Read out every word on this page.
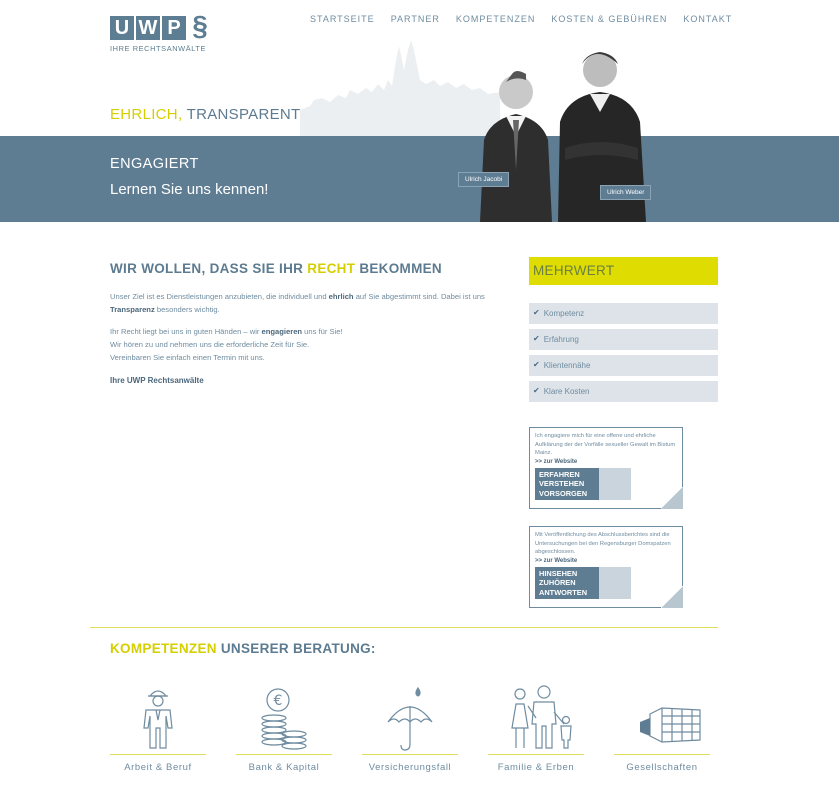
U W P §
IHRE RECHTSANWÄLTE
STARTSEITE PARTNER KOMPETENZEN KOSTEN & GEBÜHREN KONTAKT
EHRLICH, TRANSPARENT
ENGAGIERT
Lernen Sie uns kennen!
Ulrich Jacobi
Ulrich Weber
WIR WOLLEN, DASS SIE IHR RECHT BEKOMMEN

Unser Ziel ist es Dienstleistungen anzubieten, die individuell und ehrlich auf Sie abgestimmt sind. Dabei ist uns Transparenz besonders wichtig.

Ihr Recht liegt bei uns in guten Händen – wir engagieren uns für Sie!
Wir hören zu und nehmen uns die erforderliche Zeit für Sie.
Vereinbaren Sie einfach einen Termin mit uns.

Ihre UWP Rechtsanwälte
MEHRWERT
✔ Kompetenz
✔ Erfahrung
✔ Klientennähe
✔ Klare Kosten
Ich engagiere mich für eine offene und ehrliche Aufklärung der der Vorfälle sexueller Gewalt im Bistum Mainz.
>> zur Website
ERFAHREN
VERSTEHEN
VORSORGEN
Mit Veröffentlichung des Abschlussberichtes sind die Untersuchungen bei den Regensburger Domspatzen abgeschlossen.
>> zur Website
HINSEHEN
ZUHÖREN
ANTWORTEN
KOMPETENZEN UNSERER BERATUNG:
Arbeit & Beruf
€
Bank & Kapital	Versicherungsfall	Familie & Erben	Gesellschaften
